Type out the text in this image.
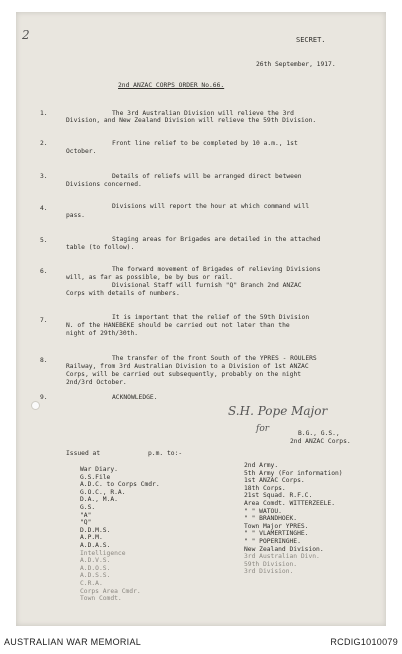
2	SECRET.
26th September, 1917.
2nd ANZAC CORPS ORDER No.66.
1.	The 3rd Australian Division will relieve the 3rd
Division, and New Zealand Division will relieve the 59th Division.
2.	Front line relief to be completed by 10 a.m., 1st
October.
3.	Details of reliefs will be arranged direct between
Divisions concerned.
4.	Divisions will report the hour at which command will
pass.
5.	Staging areas for Brigades are detailed in the attached
table (to follow).
6.	The forward movement of Brigades of relieving Divisions
will, as far as possible, be by bus or rail.
Divisional Staff will furnish "Q" Branch 2nd ANZAC
Corps with details of numbers.
7.	It is important that the relief of the 59th Division
N. of the HANEBEKE should be carried out not later than the
night of 29th/30th.
8.	The transfer of the front South of the YPRES - ROULERS
Railway, from 3rd Australian Division to a Division of 1st ANZAC
Corps, will be carried out subsequently, probably on the night
2nd/3rd October.
9.	ACKNOWLEDGE.
S.H. Pope Major
for	B.G., G.S.,
2nd ANZAC Corps.
Issued at	p.m. to:-
War Diary.
G.S.File
A.D.C. to Corps Cmdr.
G.O.C., R.A.
D.A., M.A.
G.S.
"A"
"Q"
D.D.M.S.
A.P.M.
A.D.A.S.
Intelligence
A.D.V.S.
A.D.O.S.
A.D.S.S.
C.R.A.
Corps Area Cmdr.
Town Comdt.
2nd Army.
5th Army (For information)
1st ANZAC Corps.
18th Corps.
21st Squad. R.F.C.
Area Comdt. WITTERZEELE.
" " WATOU.
" " BRANDHOEK.
Town Major YPRES.
" " VLAMERTINGHE.
" " POPERINGHE.
New Zealand Division.
3rd Australian Divn.
59th Division.
3rd Division.
AUSTRALIAN WAR MEMORIAL	RCDIG1010079
